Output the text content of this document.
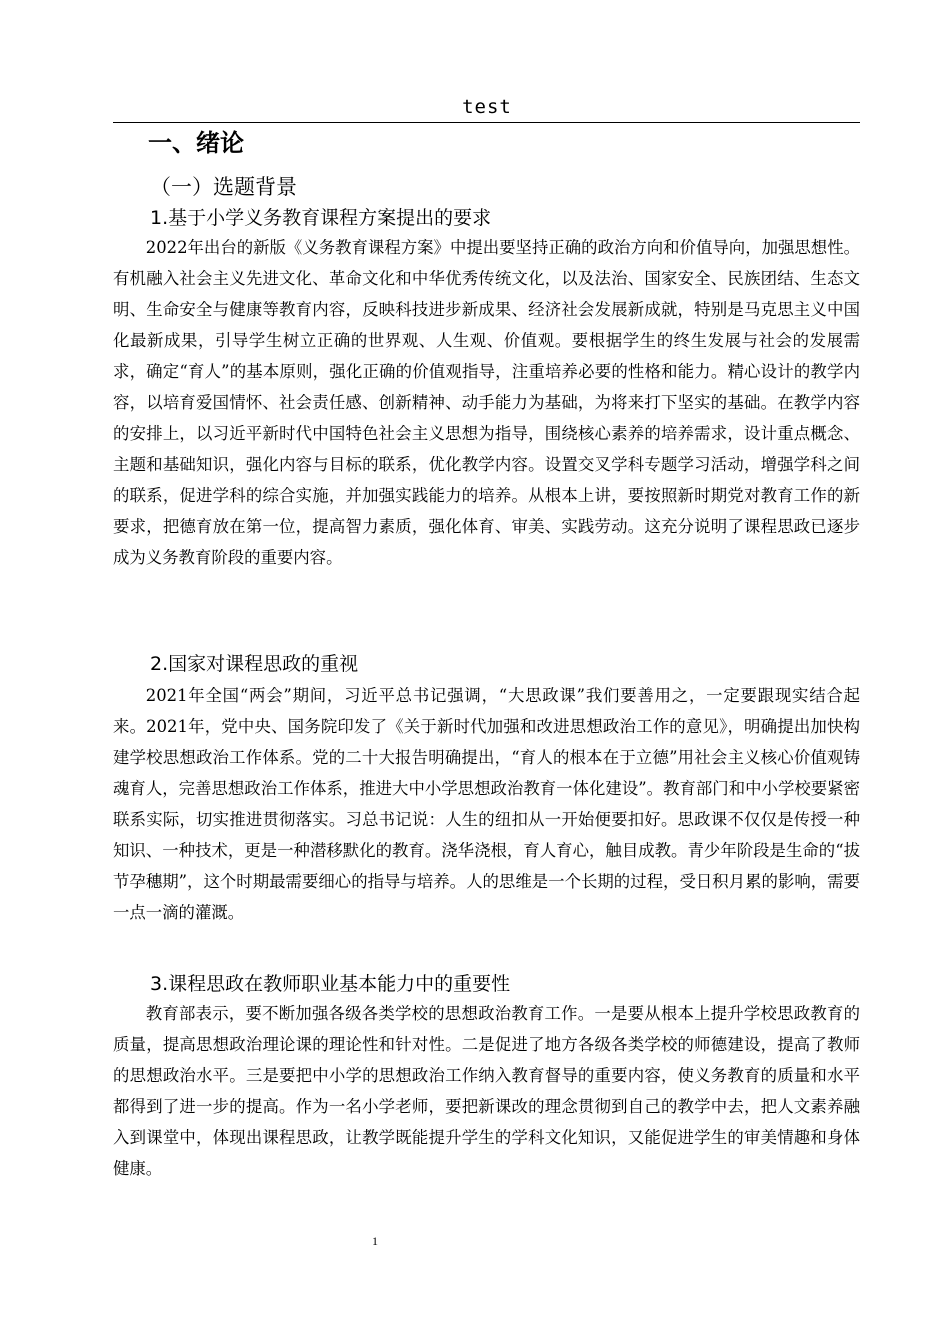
test
一、绪论
（一）选题背景
1.基于小学义务教育课程方案提出的要求

2022年出台的新版《义务教育课程方案》中提出要坚持正确的政治方向和价值导向，加强思想性。有机融入社会主义先进文化、革命文化和中华优秀传统文化，以及法治、国家安全、民族团结、生态文明、生命安全与健康等教育内容，反映科技进步新成果、经济社会发展新成就，特别是马克思主义中国化最新成果，引导学生树立正确的世界观、人生观、价值观。要根据学生的终生发展与社会的发展需求，确定“育人”的基本原则，强化正确的价值观指导，注重培养必要的性格和能力。精心设计的教学内容，以培育爱国情怀、社会责任感、创新精神、动手能力为基础，为将来打下坚实的基础。在教学内容的安排上，以习近平新时代中国特色社会主义思想为指导，围绕核心素养的培养需求，设计重点概念、主题和基础知识，强化内容与目标的联系，优化教学内容。设置交叉学科专题学习活动，增强学科之间的联系，促进学科的综合实施，并加强实践能力的培养。从根本上讲，要按照新时期党对教育工作的新要求，把德育放在第一位，提高智力素质，强化体育、审美、实践劳动。这充分说明了课程思政已逐步成为义务教育阶段的重要内容。

2.国家对课程思政的重视

2021年全国“两会”期间，习近平总书记强调，“大思政课”我们要善用之，一定要跟现实结合起来。2021年，党中央、国务院印发了《关于新时代加强和改进思想政治工作的意见》，明确提出加快构建学校思想政治工作体系。党的二十大报告明确提出，“育人的根本在于立德”用社会主义核心价值观铸魂育人，完善思想政治工作体系，推进大中小学思想政治教育一体化建设”。教育部门和中小学校要紧密联系实际，切实推进贯彻落实。习总书记说：人生的纽扣从一开始便要扣好。思政课不仅仅是传授一种知识、一种技术，更是一种潜移默化的教育。浇华浇根，育人育心，触目成教。青少年阶段是生命的“拔节孕穗期”，这个时期最需要细心的指导与培养。人的思维是一个长期的过程，受日积月累的影响，需要一点一滴的灌溉。

3.课程思政在教师职业基本能力中的重要性

教育部表示，要不断加强各级各类学校的思想政治教育工作。一是要从根本上提升学校思政教育的质量，提高思想政治理论课的理论性和针对性。二是促进了地方各级各类学校的师德建设，提高了教师的思想政治水平。三是要把中小学的思想政治工作纳入教育督导的重要内容，使义务教育的质量和水平都得到了进一步的提高。作为一名小学老师，要把新课改的理念贯彻到自己的教学中去，把人文素养融入到课堂中，体现出课程思政，让教学既能提升学生的学科文化知识，又能促进学生的审美情趣和身体健康。

1
